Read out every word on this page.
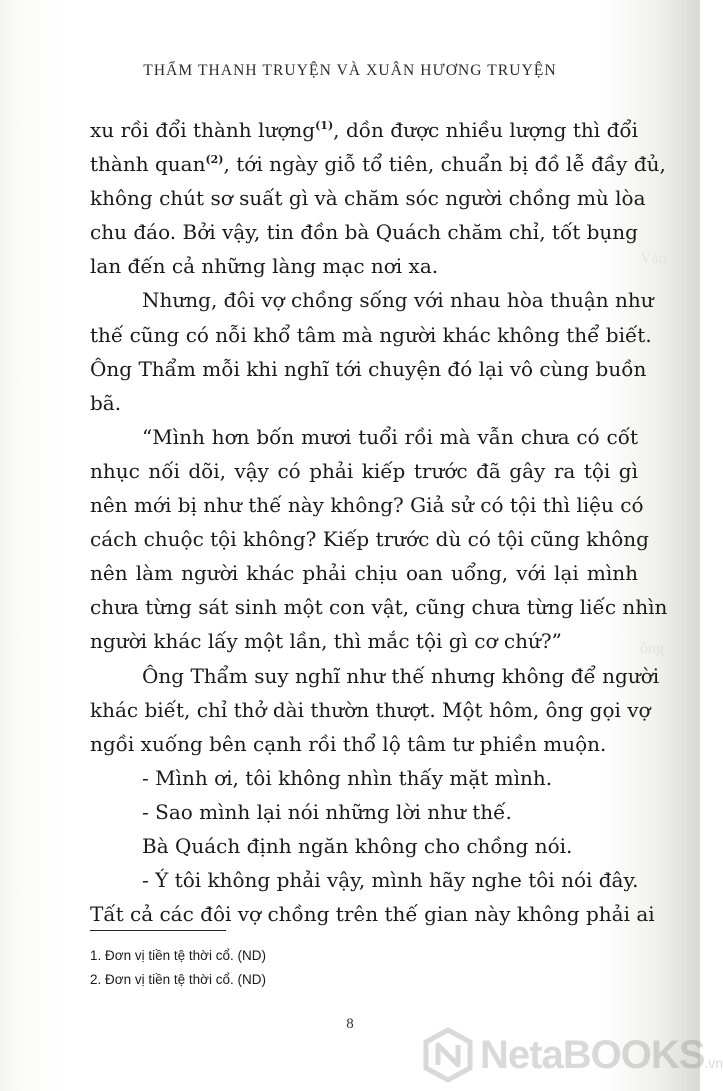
Vào
ông
THẨM THANH TRUYỆN VÀ XUÂN HƯƠNG TRUYỆN
xu rồi đổi thành lượng$^{(1)}$, dồn được nhiều lượng thì đổi
thành quan$^{(2)}$, tới ngày giỗ tổ tiên, chuẩn bị đồ lễ đầy đủ,
không chút sơ suất gì và chăm sóc người chồng mù lòa
chu đáo. Bởi vậy, tin đồn bà Quách chăm chỉ, tốt bụng
lan đến cả những làng mạc nơi xa.
Nhưng, đôi vợ chồng sống với nhau hòa thuận như
thế cũng có nỗi khổ tâm mà người khác không thể biết.
Ông Thẩm mỗi khi nghĩ tới chuyện đó lại vô cùng buồn
bã.
“Mình hơn bốn mươi tuổi rồi mà vẫn chưa có cốt
nhục nối dõi, vậy có phải kiếp trước đã gây ra tội gì
nên mới bị như thế này không? Giả sử có tội thì liệu có
cách chuộc tội không? Kiếp trước dù có tội cũng không
nên làm người khác phải chịu oan uổng, với lại mình
chưa từng sát sinh một con vật, cũng chưa từng liếc nhìn
người khác lấy một lần, thì mắc tội gì cơ chứ?”
Ông Thẩm suy nghĩ như thế nhưng không để người
khác biết, chỉ thở dài thườn thượt. Một hôm, ông gọi vợ
ngồi xuống bên cạnh rồi thổ lộ tâm tư phiền muộn.
- Mình ơi, tôi không nhìn thấy mặt mình.
- Sao mình lại nói những lời như thế.
Bà Quách định ngăn không cho chồng nói.
- Ý tôi không phải vậy, mình hãy nghe tôi nói đây.
Tất cả các đôi vợ chồng trên thế gian này không phải ai
1. Đơn vị tiền tệ thời cổ. (ND)
2. Đơn vị tiền tệ thời cổ. (ND)
8
NetaBOOKS.vn
